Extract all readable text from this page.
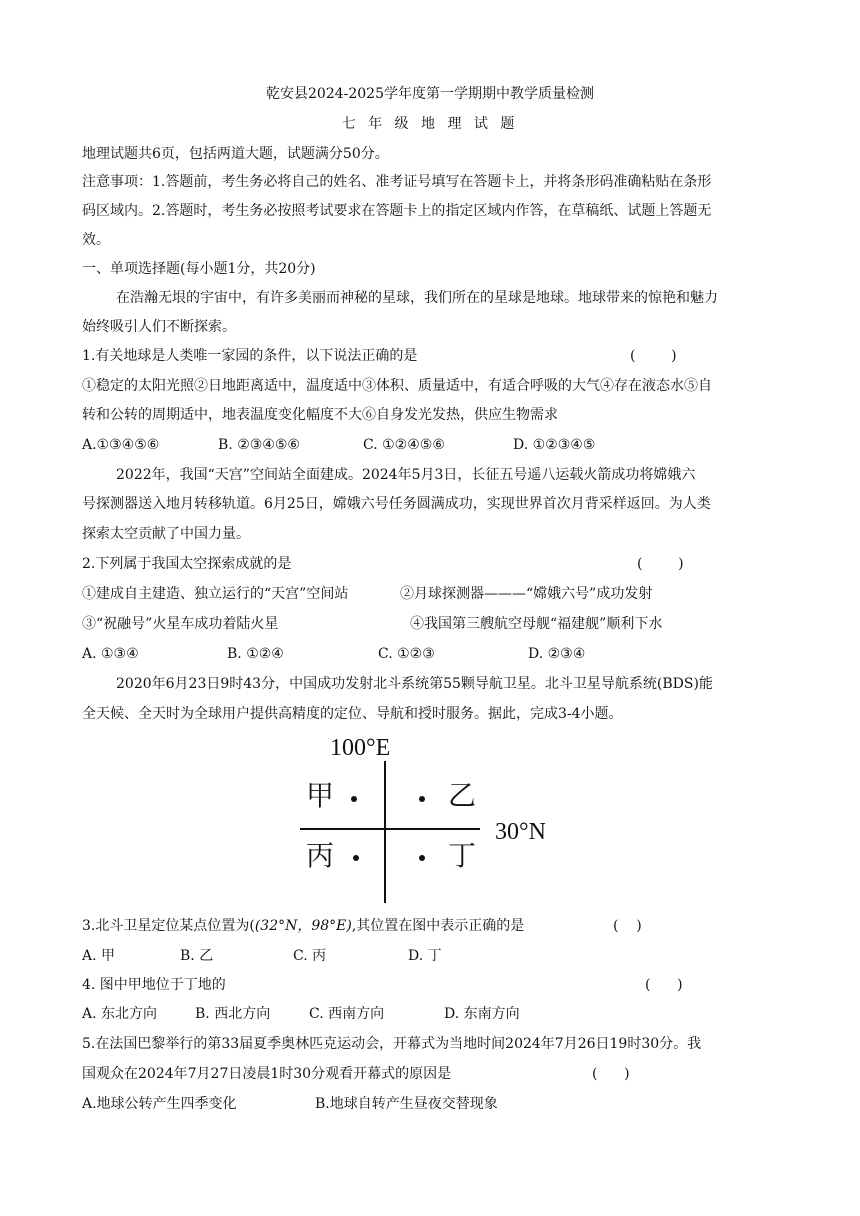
乾安县2024-2025学年度第一学期期中教学质量检测
七 年 级 地 理 试 题
地理试题共6页，包括两道大题，试题满分50分。
注意事项：1.答题前，考生务必将自己的姓名、准考证号填写在答题卡上，并将条形码准确粘贴在条形
码区域内。2.答题时，考生务必按照考试要求在答题卡上的指定区域内作答，在草稿纸、试题上答题无
效。
一、单项选择题(每小题1分，共20分)
在浩瀚无垠的宇宙中，有许多美丽而神秘的星球，我们所在的星球是地球。地球带来的惊艳和魅力
始终吸引人们不断探索。
1.有关地球是人类唯一家园的条件，以下说法正确的是	(        )
①稳定的太阳光照②日地距离适中，温度适中③体积、质量适中，有适合呼吸的大气④存在液态水⑤自
转和公转的周期适中，地表温度变化幅度不大⑥自身发光发热，供应生物需求
A.①③④⑤⑥	B. ②③④⑤⑥	C. ①②④⑤⑥	D. ①②③④⑤
2022年，我国“天宫”空间站全面建成。2024年5月3日，长征五号遥八运载火箭成功将嫦娥六
号探测器送入地月转移轨道。6月25日，嫦娥六号任务圆满成功，实现世界首次月背采样返回。为人类
探索太空贡献了中国力量。
2.下列属于我国太空探索成就的是	(        )
①建成自主建造、独立运行的“天宫”空间站	②月球探测器———“嫦娥六号”成功发射
③“祝融号”火星车成功着陆火星	④我国第三艘航空母舰“福建舰”顺利下水
A. ①③④	B. ①②④	C. ①②③	D. ②③④
2020年6月23日9时43分，中国成功发射北斗系统第55颗导航卫星。北斗卫星导航系统(BDS)能
全天候、全天时为全球用户提供高精度的定位、导航和授时服务。据此，完成3-4小题。
100°E
30°N
甲	乙
丙	丁
3.北斗卫星定位某点位置为((32°N，98°E),其位置在图中表示正确的是	(    )
A. 甲	B. 乙	C. 丙	D. 丁
4. 图中甲地位于丁地的	(      )
A. 东北方向	B. 西北方向	C. 西南方向	D. 东南方向
5.在法国巴黎举行的第33届夏季奥林匹克运动会，开幕式为当地时间2024年7月26日19时30分。我
国观众在2024年7月27日凌晨1时30分观看开幕式的原因是	(      )
A.地球公转产生四季变化	B.地球自转产生昼夜交替现象
